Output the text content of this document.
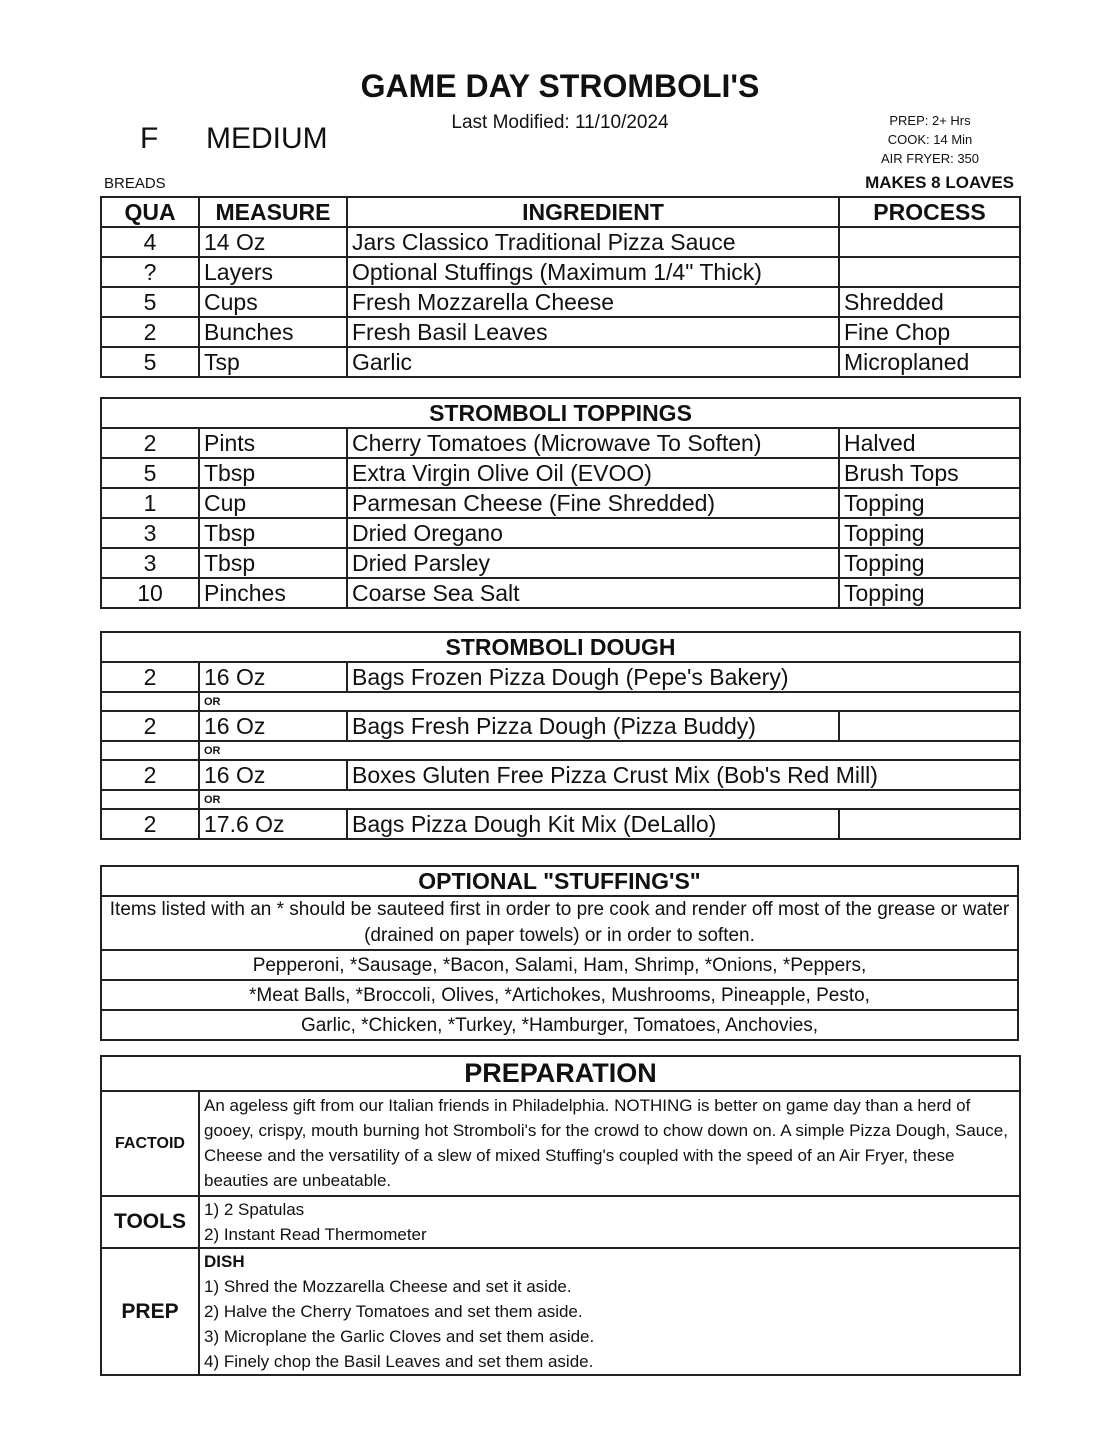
GAME DAY STROMBOLI'S
Last Modified: 11/10/2024
F MEDIUM
PREP: 2+ Hrs
COOK: 14 Min
AIR FRYER: 350
BREADS	MAKES 8 LOAVES
QUA	MEASURE	INGREDIENT	PROCESS
4	14 Oz	Jars Classico Traditional Pizza Sauce	
?	Layers	Optional Stuffings (Maximum 1/4" Thick)	
5	Cups	Fresh Mozzarella Cheese	Shredded
2	Bunches	Fresh Basil Leaves	Fine Chop
5	Tsp	Garlic	Microplaned
STROMBOLI TOPPINGS			
2	Pints	Cherry Tomatoes (Microwave To Soften)	Halved
5	Tbsp	Extra Virgin Olive Oil (EVOO)	Brush Tops
1	Cup	Parmesan Cheese (Fine Shredded)	Topping
3	Tbsp	Dried Oregano	Topping
3	Tbsp	Dried Parsley	Topping
10	Pinches	Coarse Sea Salt	Topping
STROMBOLI DOUGH			
2	16 Oz	Bags Frozen Pizza Dough (Pepe's Bakery)	
	OR		
2	16 Oz	Bags Fresh Pizza Dough (Pizza Buddy)	
	OR		
2	16 Oz	Boxes Gluten Free Pizza Crust Mix (Bob's Red Mill)	
	OR		
2	17.6 Oz	Bags Pizza Dough Kit Mix (DeLallo)	
OPTIONAL "STUFFING'S"
Items listed with an * should be sauteed first in order to pre cook and render off most of the grease or water (drained on paper towels) or in order to soften.
Pepperoni, *Sausage, *Bacon, Salami, Ham, Shrimp, *Onions, *Peppers,
*Meat Balls, *Broccoli, Olives, *Artichokes, Mushrooms, Pineapple, Pesto,
Garlic, *Chicken, *Turkey, *Hamburger, Tomatoes, Anchovies,
PREPARATION	
FACTOID	An ageless gift from our Italian friends in Philadelphia. NOTHING is better on game day than a herd of gooey, crispy, mouth burning hot Stromboli's for the crowd to chow down on. A simple Pizza Dough, Sauce, Cheese and the versatility of a slew of mixed Stuffing's coupled with the speed of an Air Fryer, these beauties are unbeatable.
TOOLS	1) 2 Spatulas
2) Instant Read Thermometer

PREP	DISH
1) Shred the Mozzarella Cheese and set it aside.
2) Halve the Cherry Tomatoes and set them aside.
3) Microplane the Garlic Cloves and set them aside.
4) Finely chop the Basil Leaves and set them aside.
